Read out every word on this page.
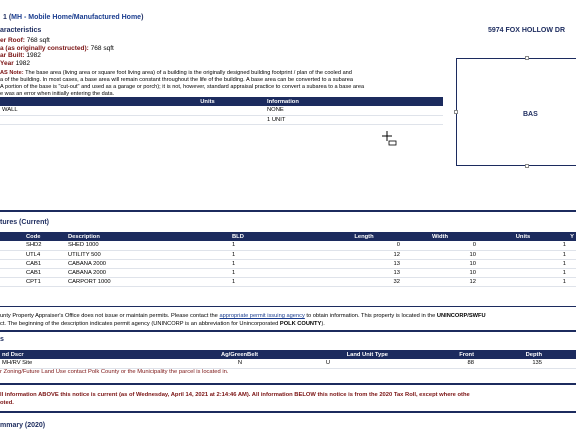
1 (MH - Mobile Home/Manufactured Home)
5974 FOX HOLLOW DR
aracteristics
er Roof: 768 sqft
a (as originally constructed): 768 sqft
ar Built: 1982
Year 1982
AS Note: The base area (living area or square foot living area) of a building is the originally designed building footprint / plan of the cooled and
a of the building. In most cases, a base area will remain constant throughout the life of the building. A base area can be converted to a subarea
A portion of the base is "cut-out" and used as a garage or porch); it is not, however, standard appraisal practice to convert a subarea to a base area
e was an error when initially entering the data.
	Units	Information
WALL		NONE
		1 UNIT
BAS
tures (Current)
	Code	Description	BLD	Length	Width	Units	Y
	SHD2	SHED 1000	1	0	0	1	
	UTL4	UTILITY 500	1	12	10	1	
	CAB1	CABANA 2000	1	13	10	1	
	CAB1	CABANA 2000	1	13	10	1	
	CPT1	CARPORT 1000	1	32	12	1	
unty Property Appraiser's Office does not issue or maintain permits. Please contact the appropriate permit issuing agency to obtain information. This property is located in the UNINCORP/SWFU
ct. The beginning of the description indicates permit agency (UNINCORP is an abbreviation for Unincorporated POLK COUNTY).
s
nd Dscr	Ag/GreenBelt	Land Unit Type	Front	Depth	
MH/RV Site	N	U	88	135	
r Zoning/Future Land Use contact Polk County or the Municipality the parcel is located in.
ll information ABOVE this notice is current (as of Wednesday, April 14, 2021 at 2:14:46 AM). All information BELOW this notice is from the 2020 Tax Roll, except where othe
oted.
mmary (2020)
